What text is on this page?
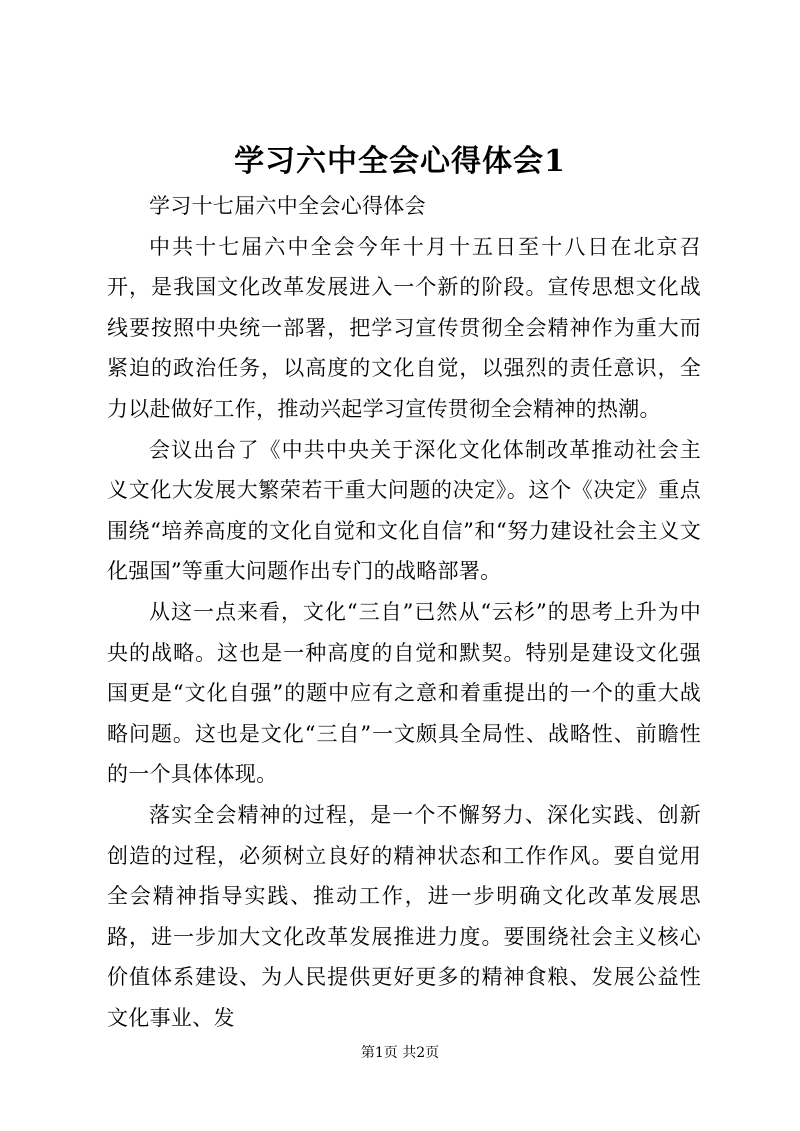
学习六中全会心得体会1

学习十七届六中全会心得体会

中共十七届六中全会今年十月十五日至十八日在北京召开，是我国文化改革发展进入一个新的阶段。宣传思想文化战线要按照中央统一部署，把学习宣传贯彻全会精神作为重大而紧迫的政治任务，以高度的文化自觉，以强烈的责任意识，全力以赴做好工作，推动兴起学习宣传贯彻全会精神的热潮。

会议出台了《中共中央关于深化文化体制改革推动社会主义文化大发展大繁荣若干重大问题的决定》。这个《决定》重点围绕“培养高度的文化自觉和文化自信”和“努力建设社会主义文化强国”等重大问题作出专门的战略部署。

从这一点来看，文化“三自”已然从“云杉”的思考上升为中央的战略。这也是一种高度的自觉和默契。特别是建设文化强国更是“文化自强”的题中应有之意和着重提出的一个的重大战略问题。这也是文化“三自”一文颇具全局性、战略性、前瞻性的一个具体体现。

落实全会精神的过程，是一个不懈努力、深化实践、创新创造的过程，必须树立良好的精神状态和工作作风。要自觉用全会精神指导实践、推动工作，进一步明确文化改革发展思路，进一步加大文化改革发展推进力度。要围绕社会主义核心价值体系建设、为人民提供更好更多的精神食粮、发展公益性文化事业、发

第1页 共2页
